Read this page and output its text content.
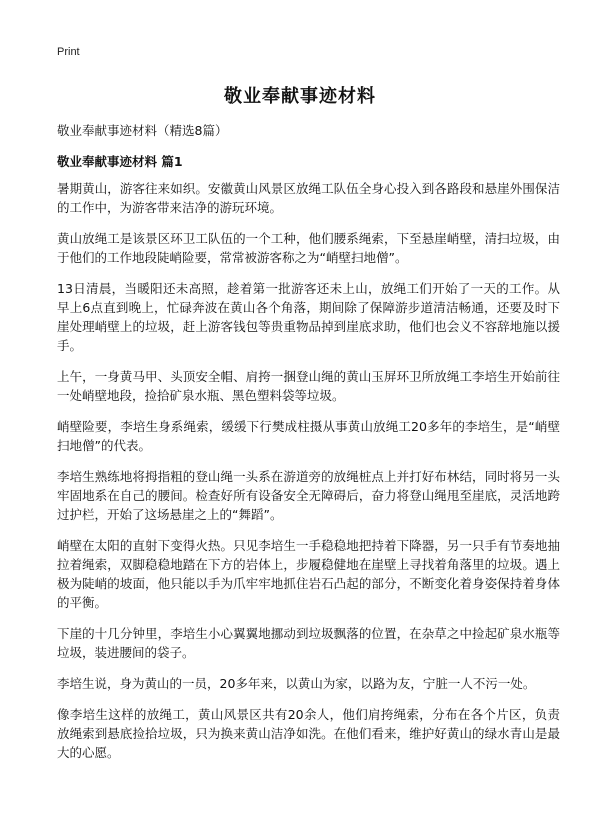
Print
敬业奉献事迹材料

敬业奉献事迹材料（精选8篇）

敬业奉献事迹材料 篇1

暑期黄山，游客往来如织。安徽黄山风景区放绳工队伍全身心投入到各路段和悬崖外围保洁的工作中，为游客带来洁净的游玩环境。

黄山放绳工是该景区环卫工队伍的一个工种，他们腰系绳索，下至悬崖峭壁，清扫垃圾，由于他们的工作地段陡峭险要，常常被游客称之为“峭壁扫地僧”。

13日清晨，当暖阳还未高照，趁着第一批游客还未上山，放绳工们开始了一天的工作。从早上6点直到晚上，忙碌奔波在黄山各个角落，期间除了保障游步道清洁畅通，还要及时下崖处理峭壁上的垃圾，赶上游客钱包等贵重物品掉到崖底求助，他们也会义不容辞地施以援手。

上午，一身黄马甲、头顶安全帽、肩挎一捆登山绳的黄山玉屏环卫所放绳工李培生开始前往一处峭壁地段，捡拾矿泉水瓶、黑色塑料袋等垃圾。

峭壁险要，李培生身系绳索，缓缓下行樊成柱摄从事黄山放绳工20多年的李培生，是“峭壁扫地僧”的代表。

李培生熟练地将拇指粗的登山绳一头系在游道旁的放绳桩点上并打好布林结，同时将另一头牢固地系在自己的腰间。检查好所有设备安全无障碍后，奋力将登山绳甩至崖底，灵活地跨过护栏，开始了这场悬崖之上的“舞蹈”。

峭壁在太阳的直射下变得火热。只见李培生一手稳稳地把持着下降器，另一只手有节奏地抽拉着绳索，双脚稳稳地踏在下方的岩体上，步履稳健地在崖壁上寻找着角落里的垃圾。遇上极为陡峭的坡面，他只能以手为爪牢牢地抓住岩石凸起的部分，不断变化着身姿保持着身体的平衡。

下崖的十几分钟里，李培生小心翼翼地挪动到垃圾飘落的位置，在杂草之中捡起矿泉水瓶等垃圾，装进腰间的袋子。

李培生说，身为黄山的一员，20多年来，以黄山为家，以路为友，宁脏一人不污一处。

像李培生这样的放绳工，黄山风景区共有20余人，他们肩挎绳索，分布在各个片区，负责放绳索到悬底捡拾垃圾，只为换来黄山洁净如洗。在他们看来，维护好黄山的绿水青山是最大的心愿。
